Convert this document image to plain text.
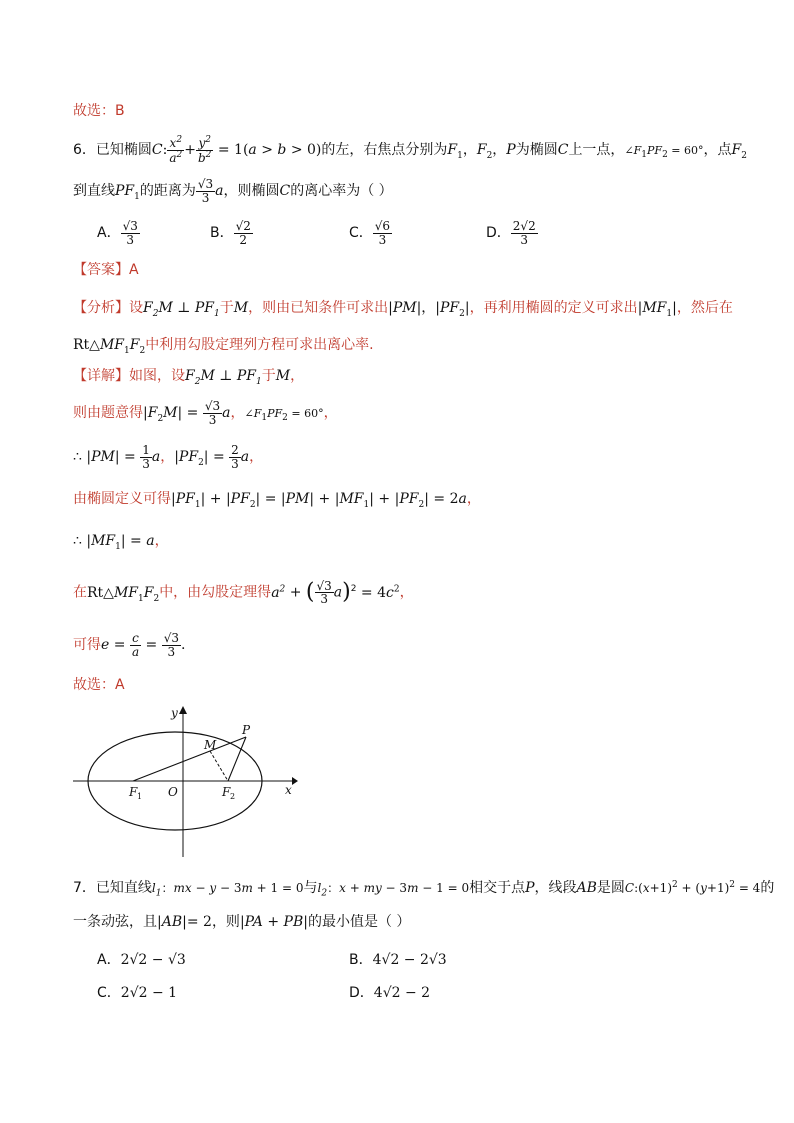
故选：B
6．已知椭圆C: $\frac{x^2}{a^2} + \frac{y^2}{b^2} = 1(a > b > 0)$的左，右焦点分别为$F_1$，$F_2$，P为椭圆C上一点，$\angle F_1PF_2 = 60^\circ$，点$F_2$
到直线$PF_1$的距离为 $\frac{√3}{3}$ a，则椭圆C的离心率为（ ）
A． $\frac{√3}{3}$	B． $\frac{√2}{2}$	C． $\frac{√6}{3}$	D． $\frac{2√2}{3}$
【答案】A
【分析】设$F_2M$ ⊥ $PF_1$于M，则由已知条件可求出|PM|，$|PF_2|$，再利用椭圆的定义可求出$|MF_1|$，然后在
$Rt\triangle MF_1F_2$中利用勾股定理列方程可求出离心率.
【详解】如图，设$F_2M$ ⊥ $PF_1$于M，
则由题意得$|F_2M| = \frac{√3}{3}$ a，$\angle F_1PF_2 = 60^\circ$，
∴ $|PM| = \frac{1}{3}$ a，$|PF_2| = \frac{2}{3}$ a，
由椭圆定义可得$|PF_1| + |PF_2| = |PM| + |MF_1| + |PF_2| = 2a$，
∴ $|MF_1| = a$，
在$Rt\triangle MF_1F_2$中，由勾股定理得$a^2$ + ( $\frac{√3}{3} a)^2 = 4c^2$，
可得$e = \frac{c}{a} = \frac{√3}{3}$ .
故选：A
y
x
O
F 1	F 2
M
P
7．已知直线$l_1$：mx − y − 3m + 1 = 0与$l_2$：x + my − 3m − 1 = 0相交于点P，线段AB是圆$C:(x+1)^2 + (y+1)^2 = 4$的
一条动弦，且|AB|= 2，则|PA + PB|的最小值是（ ）
A．2√2 − √3	B．4√2 − 2√3
C．2√2 − 1	D．4√2 − 2
